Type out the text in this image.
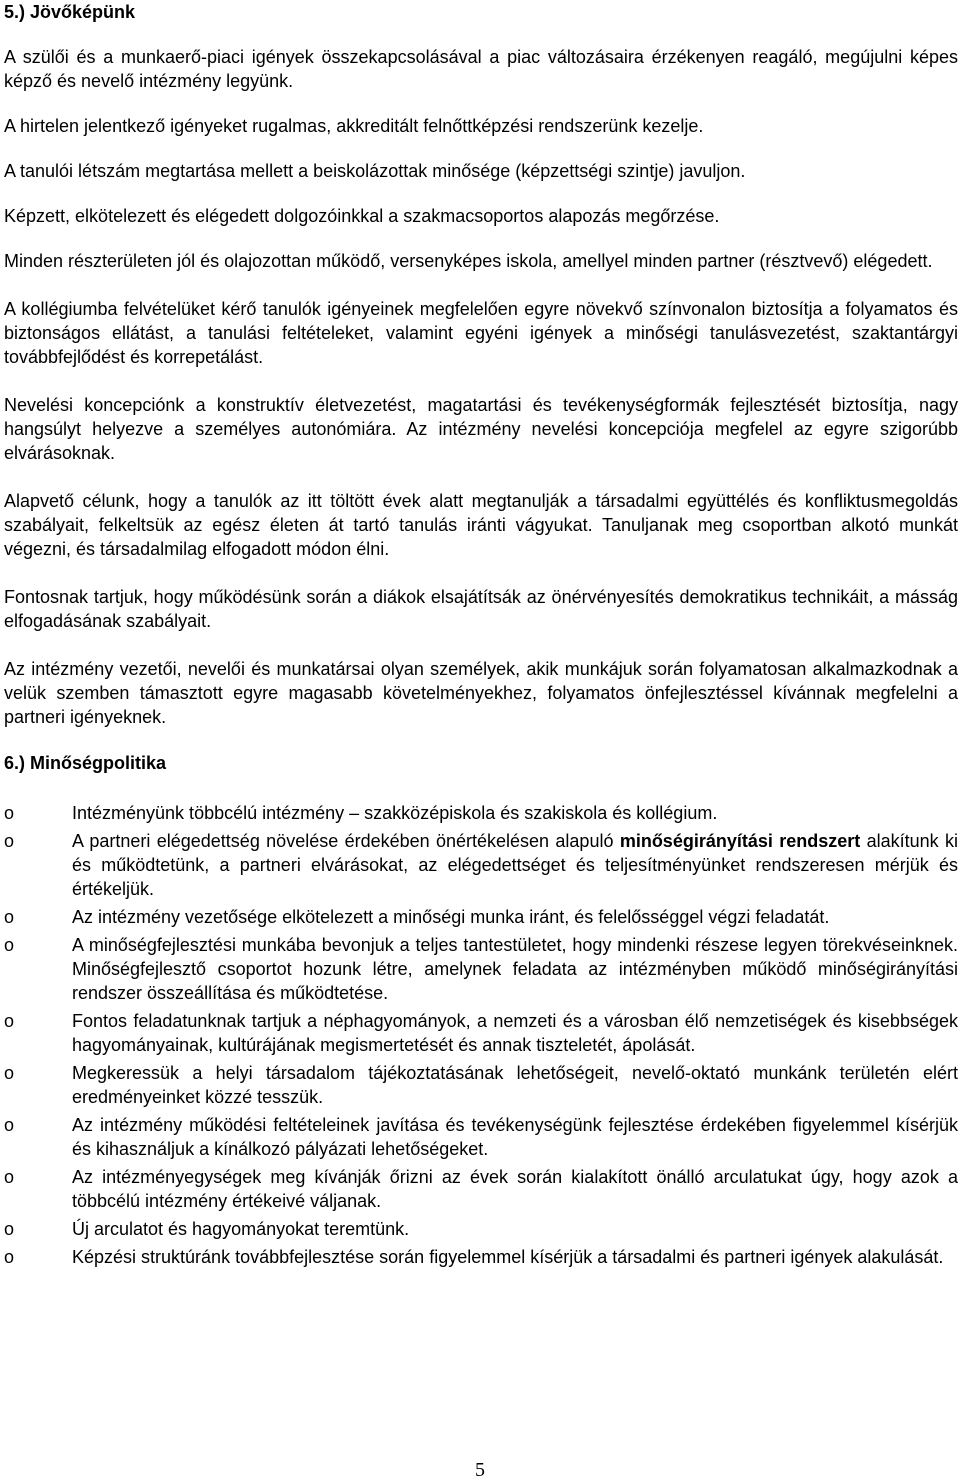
5.) Jövőképünk

A szülői és a munkaerő-piaci igények összekapcsolásával a piac változásaira érzékenyen reagáló, megújulni képes képző és nevelő intézmény legyünk.

A hirtelen jelentkező igényeket rugalmas, akkreditált felnőttképzési rendszerünk kezelje.

A tanulói létszám megtartása mellett a beiskolázottak minősége (képzettségi szintje) javuljon.

Képzett, elkötelezett és elégedett dolgozóinkkal a szakmacsoportos alapozás megőrzése.

Minden részterületen jól és olajozottan működő, versenyképes iskola, amellyel minden partner (résztvevő) elégedett.

A kollégiumba felvételüket kérő tanulók igényeinek megfelelően egyre növekvő színvonalon biztosítja a folyamatos és biztonságos ellátást, a tanulási feltételeket, valamint egyéni igények a minőségi tanulásvezetést, szaktantárgyi továbbfejlődést és korrepetálást.

Nevelési koncepciónk a konstruktív életvezetést, magatartási és tevékenységformák fejlesztését biztosítja, nagy hangsúlyt helyezve a személyes autonómiára. Az intézmény nevelési koncepciója megfelel az egyre szigorúbb elvárásoknak.

Alapvető célunk, hogy a tanulók az itt töltött évek alatt megtanulják a társadalmi együttélés és konfliktusmegoldás szabályait, felkeltsük az egész életen át tartó tanulás iránti vágyukat. Tanuljanak meg csoportban alkotó munkát végezni, és társadalmilag elfogadott módon élni.

Fontosnak tartjuk, hogy működésünk során a diákok elsajátítsák az önérvényesítés demokratikus technikáit, a másság elfogadásának szabályait.

Az intézmény vezetői, nevelői és munkatársai olyan személyek, akik munkájuk során folyamatosan alkalmazkodnak a velük szemben támasztott egyre magasabb követelményekhez, folyamatos önfejlesztéssel kívánnak megfelelni a partneri igényeknek.

6.) Minőségpolitika
o	Intézményünk többcélú intézmény – szakközépiskola és szakiskola és kollégium.
o	A partneri elégedettség növelése érdekében önértékelésen alapuló minőségirányítási rendszert alakítunk ki és működtetünk, a partneri elvárásokat, az elégedettséget és teljesítményünket rendszeresen mérjük és értékeljük.
o	Az intézmény vezetősége elkötelezett a minőségi munka iránt, és felelősséggel végzi feladatát.
o	A minőségfejlesztési munkába bevonjuk a teljes tantestületet, hogy mindenki részese legyen törekvéseinknek. Minőségfejlesztő csoportot hozunk létre, amelynek feladata az intézményben működő minőségirányítási rendszer összeállítása és működtetése.
o	Fontos feladatunknak tartjuk a néphagyományok, a nemzeti és a városban élő nemzetiségek és kisebbségek hagyományainak, kultúrájának megismertetését és annak tiszteletét, ápolását.
o	Megkeressük a helyi társadalom tájékoztatásának lehetőségeit, nevelő-oktató munkánk területén elért eredményeinket közzé tesszük.
o	Az intézmény működési feltételeinek javítása és tevékenységünk fejlesztése érdekében figyelemmel kísérjük és kihasználjuk a kínálkozó pályázati lehetőségeket.
o	Az intézményegységek meg kívánják őrizni az évek során kialakított önálló arculatukat úgy, hogy azok a többcélú intézmény értékeivé váljanak.
o	Új arculatot és hagyományokat teremtünk.
o	Képzési struktúránk továbbfejlesztése során figyelemmel kísérjük a társadalmi és partneri igények alakulását.
5
